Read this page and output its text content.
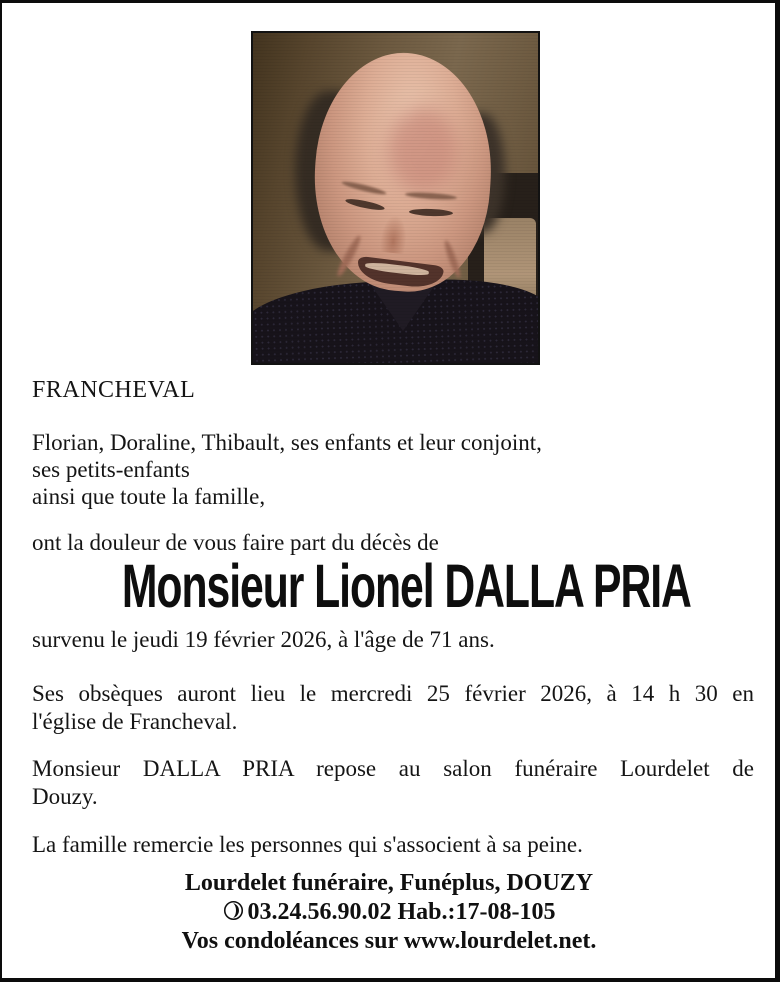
FRANCHEVAL
Florian, Doraline, Thibault, ses enfants et leur conjoint,
ses petits-enfants
ainsi que toute la famille,
ont la douleur de vous faire part du décès de
Monsieur Lionel DALLA PRIA
survenu le jeudi 19 février 2026, à l'âge de 71 ans.
Ses obsèques auront lieu le mercredi 25 février 2026, à 14 h 30 en
l'église de Francheval.
Monsieur DALLA PRIA repose au salon funéraire Lourdelet de
Douzy.
La famille remercie les personnes qui s'associent à sa peine.
Lourdelet funéraire, Funéplus, DOUZY
03.24.56.90.02 Hab.:17-08-105
Vos condoléances sur www.lourdelet.net.
